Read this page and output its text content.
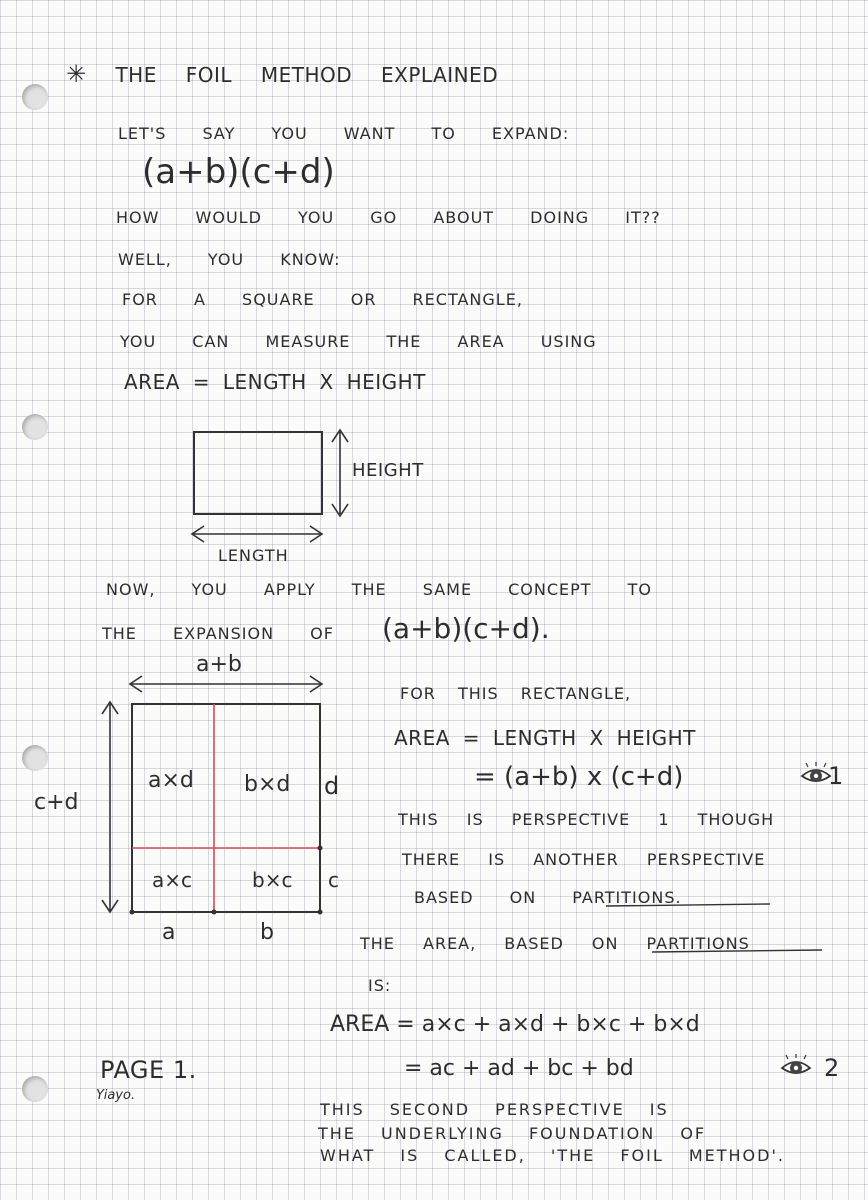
✳ THE FOIL METHOD EXPLAINED
LET'S SAY YOU WANT TO EXPAND:
(a+b)(c+d)
HOW WOULD YOU GO ABOUT DOING IT??
WELL, YOU KNOW:
FOR A SQUARE OR RECTANGLE,
YOU CAN MEASURE THE AREA USING
AREA = LENGTH X HEIGHT
HEIGHT
LENGTH
NOW, YOU APPLY THE SAME CONCEPT TO
THE EXPANSION OF (a+b)(c+d).
a+b
c+d
a×d b×d
a×c	b×c
d
c
a	b
FOR THIS RECTANGLE,
AREA = LENGTH X HEIGHT
= (a+b) x (c+d)	1
THIS IS PERSPECTIVE 1 THOUGH
THERE IS ANOTHER PERSPECTIVE
BASED ON PARTITIONS.
THE AREA, BASED ON PARTITIONS
IS:
AREA = a×c + a×d + b×c + b×d
= ac + ad + bc + bd	2
THIS SECOND PERSPECTIVE IS
THE UNDERLYING FOUNDATION OF
WHAT IS CALLED, 'THE FOIL METHOD'.
PAGE 1.
Yiayo.
